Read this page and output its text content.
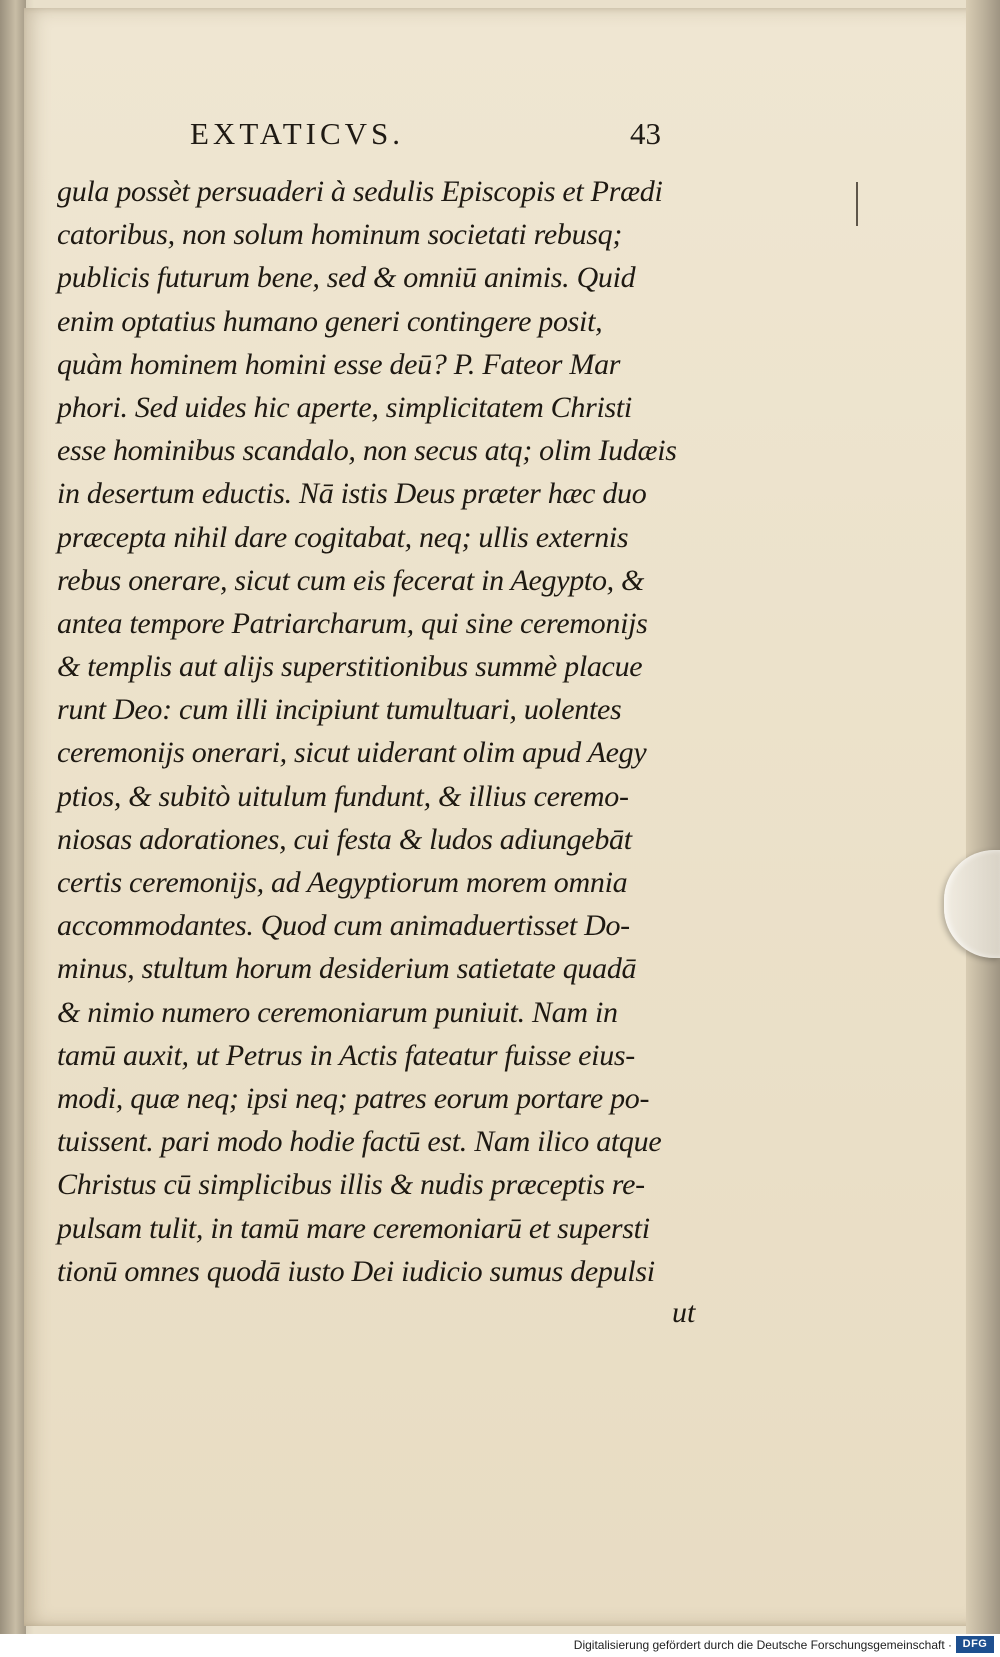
EXTATICVS.	43
gula possèt persuaderi à sedulis Episcopis et Prædi
catoribus, non solum hominum societati rebusq;
publicis futurum bene, sed & omniū animis. Quid
enim optatius humano generi contingere posit,
quàm hominem homini esse deū? P. Fateor Mar
phori. Sed uides hic aperte, simplicitatem Christi
esse hominibus scandalo, non secus atq; olim Iudæis
in desertum eductis. Nā istis Deus præter hæc duo
præcepta nihil dare cogitabat, neq; ullis externis
rebus onerare, sicut cum eis fecerat in Aegypto, &
antea tempore Patriarcharum, qui sine ceremonijs
& templis aut alijs superstitionibus summè placue
runt Deo: cum illi incipiunt tumultuari, uolentes
ceremonijs onerari, sicut uiderant olim apud Aegy
ptios, & subitò uitulum fundunt, & illius ceremo-
niosas adorationes, cui festa & ludos adiungebāt
certis ceremonijs, ad Aegyptiorum morem omnia
accommodantes. Quod cum animaduertisset Do-
minus, stultum horum desiderium satietate quadā
& nimio numero ceremoniarum puniuit. Nam in
tamū auxit, ut Petrus in Actis fateatur fuisse eius-
modi, quæ neq; ipsi neq; patres eorum portare po-
tuissent. pari modo hodie factū est. Nam ilico atque
Christus cū simplicibus illis & nudis præceptis re-
pulsam tulit, in tamū mare ceremoniarū et supersti
tionū omnes quodā iusto Dei iudicio sumus depulsi
ut
Digitalisierung gefördert durch die Deutsche Forschungsgemeinschaft · DFG
